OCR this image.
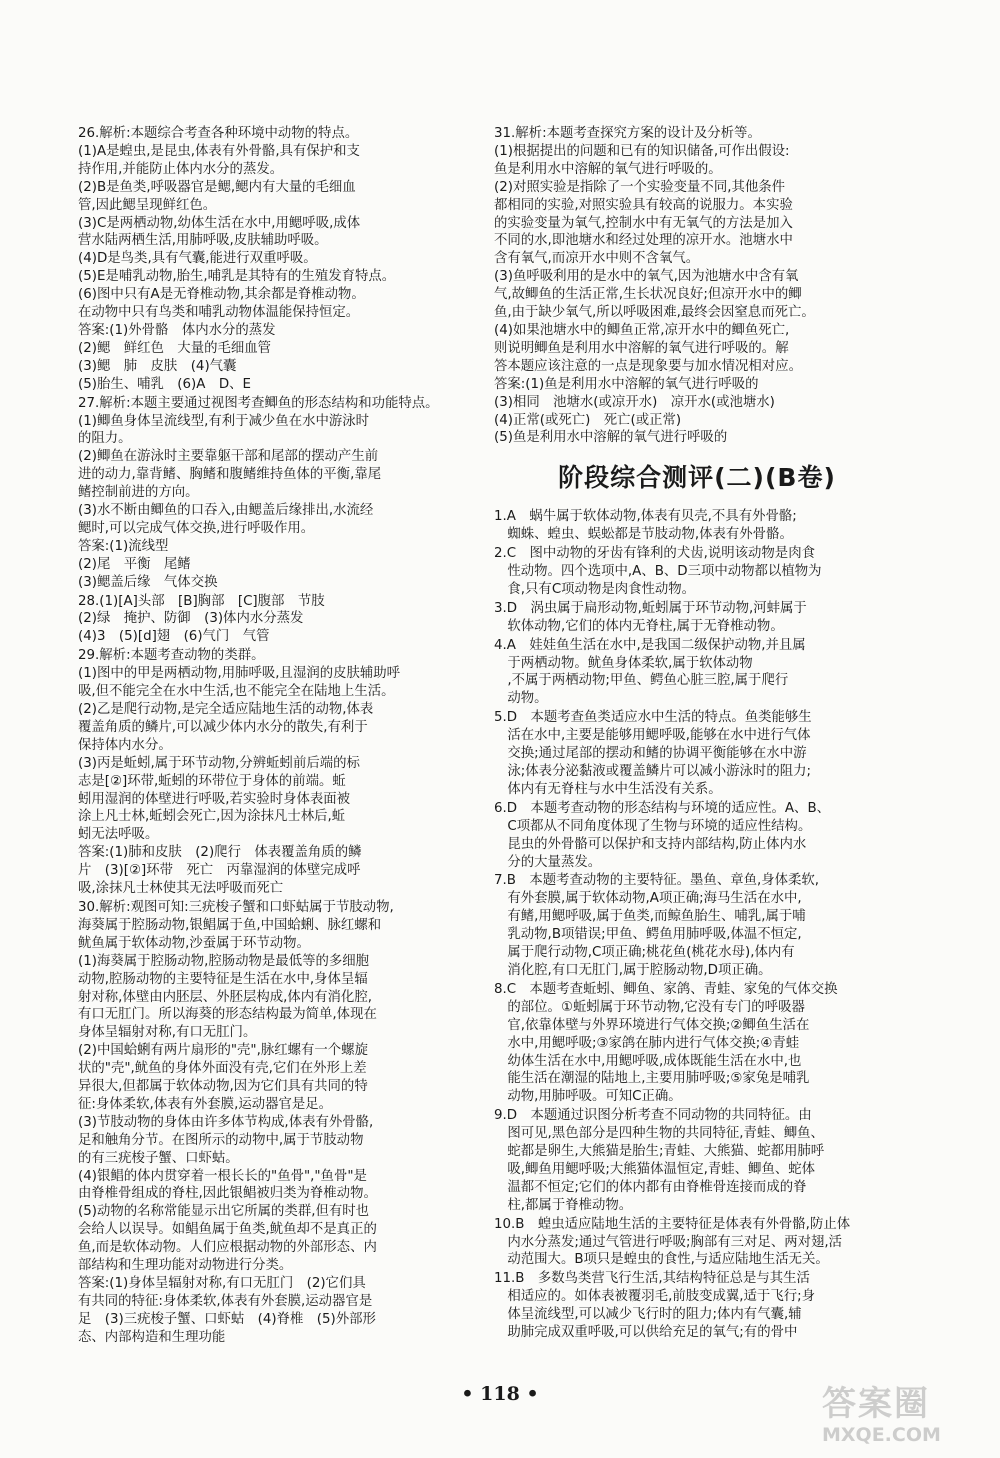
26.解析:本题综合考查各种环境中动物的特点。
(1)A是蝗虫,是昆虫,体表有外骨骼,具有保护和支
持作用,并能防止体内水分的蒸发。
(2)B是鱼类,呼吸器官是鳃,鳃内有大量的毛细血
管,因此鳃呈现鲜红色。
(3)C是两栖动物,幼体生活在水中,用鳃呼吸,成体
营水陆两栖生活,用肺呼吸,皮肤辅助呼吸。
(4)D是鸟类,具有气囊,能进行双重呼吸。
(5)E是哺乳动物,胎生,哺乳是其特有的生殖发育特点。
(6)图中只有A是无脊椎动物,其余都是脊椎动物。
在动物中只有鸟类和哺乳动物体温能保持恒定。
答案:(1)外骨骼　体内水分的蒸发
(2)鳃　鲜红色　大量的毛细血管
(3)鳃　肺　皮肤　(4)气囊
(5)胎生、哺乳　(6)A　D、E
27.解析:本题主要通过视图考查鲫鱼的形态结构和功能特点。
(1)鲫鱼身体呈流线型,有利于减少鱼在水中游泳时
的阻力。
(2)鲫鱼在游泳时主要靠躯干部和尾部的摆动产生前
进的动力,靠背鳍、胸鳍和腹鳍维持鱼体的平衡,靠尾
鳍控制前进的方向。
(3)水不断由鲫鱼的口吞入,由鳃盖后缘排出,水流经
鳃时,可以完成气体交换,进行呼吸作用。
答案:(1)流线型
(2)尾　平衡　尾鳍
(3)鳃盖后缘　气体交换
28.(1)[A]头部　[B]胸部　[C]腹部　节肢
(2)绿　掩护、防御　(3)体内水分蒸发
(4)3　(5)[d]翅　(6)气门　气管
29.解析:本题考查动物的类群。
(1)图中的甲是两栖动物,用肺呼吸,且湿润的皮肤辅助呼
吸,但不能完全在水中生活,也不能完全在陆地上生活。
(2)乙是爬行动物,是完全适应陆地生活的动物,体表
覆盖角质的鳞片,可以减少体内水分的散失,有利于
保持体内水分。
(3)丙是蚯蚓,属于环节动物,分辨蚯蚓前后端的标
志是[②]环带,蚯蚓的环带位于身体的前端。蚯
蚓用湿润的体壁进行呼吸,若实验时身体表面被
涂上凡士林,蚯蚓会死亡,因为涂抹凡士林后,蚯
蚓无法呼吸。
答案:(1)肺和皮肤　(2)爬行　体表覆盖角质的鳞
片　(3)[②]环带　死亡　丙靠湿润的体壁完成呼
吸,涂抹凡士林使其无法呼吸而死亡
30.解析:观图可知:三疣梭子蟹和口虾蛄属于节肢动物,
海葵属于腔肠动物,银鲳属于鱼,中国蛤蜊、脉红螺和
鱿鱼属于软体动物,沙蚕属于环节动物。
(1)海葵属于腔肠动物,腔肠动物是最低等的多细胞
动物,腔肠动物的主要特征是生活在水中,身体呈辐
射对称,体壁由内胚层、外胚层构成,体内有消化腔,
有口无肛门。所以海葵的形态结构最为简单,体现在
身体呈辐射对称,有口无肛门。
(2)中国蛤蜊有两片扇形的"壳",脉红螺有一个螺旋
状的"壳",鱿鱼的身体外面没有壳,它们在外形上差
异很大,但都属于软体动物,因为它们具有共同的特
征:身体柔软,体表有外套膜,运动器官是足。
(3)节肢动物的身体由许多体节构成,体表有外骨骼,
足和触角分节。在图所示的动物中,属于节肢动物
的有三疣梭子蟹、口虾蛄。
(4)银鲳的体内贯穿着一根长长的"鱼骨","鱼骨"是
由脊椎骨组成的脊柱,因此银鲳被归类为脊椎动物。
(5)动物的名称常能显示出它所属的类群,但有时也
会给人以误导。如鲳鱼属于鱼类,鱿鱼却不是真正的
鱼,而是软体动物。人们应根据动物的外部形态、内
部结构和生理功能对动物进行分类。
答案:(1)身体呈辐射对称,有口无肛门　(2)它们具
有共同的特征:身体柔软,体表有外套膜,运动器官是
足　(3)三疣梭子蟹、口虾蛄　(4)脊椎　(5)外部形
态、内部构造和生理功能
31.解析:本题考查探究方案的设计及分析等。
(1)根据提出的问题和已有的知识储备,可作出假设:
鱼是利用水中溶解的氧气进行呼吸的。
(2)对照实验是指除了一个实验变量不同,其他条件
都相同的实验,对照实验具有较高的说服力。本实验
的实验变量为氧气,控制水中有无氧气的方法是加入
不同的水,即池塘水和经过处理的凉开水。池塘水中
含有氧气,而凉开水中则不含氧气。
(3)鱼呼吸利用的是水中的氧气,因为池塘水中含有氧
气,故鲫鱼的生活正常,生长状况良好;但凉开水中的鲫
鱼,由于缺少氧气,所以呼吸困难,最终会因窒息而死亡。
(4)如果池塘水中的鲫鱼正常,凉开水中的鲫鱼死亡,
则说明鲫鱼是利用水中溶解的氧气进行呼吸的。解
答本题应该注意的一点是现象要与加水情况相对应。
答案:(1)鱼是利用水中溶解的氧气进行呼吸的
(3)相同　池塘水(或凉开水)　凉开水(或池塘水)
(4)正常(或死亡)　死亡(或正常)
(5)鱼是利用水中溶解的氧气进行呼吸的
阶段综合测评(二)(B卷)
1.A　蜗牛属于软体动物,体表有贝壳,不具有外骨骼;
　蜘蛛、蝗虫、蜈蚣都是节肢动物,体表有外骨骼。
2.C　图中动物的牙齿有锋利的犬齿,说明该动物是肉食
　性动物。四个选项中,A、B、D三项中动物都以植物为
　食,只有C项动物是肉食性动物。
3.D　涡虫属于扁形动物,蚯蚓属于环节动物,河蚌属于
　软体动物,它们的体内无脊柱,属于无脊椎动物。
4.A　娃娃鱼生活在水中,是我国二级保护动物,并且属
　于两栖动物。鱿鱼身体柔软,属于软体动物
　,不属于两栖动物;甲鱼、鳄鱼心脏三腔,属于爬行
　动物。
5.D　本题考查鱼类适应水中生活的特点。鱼类能够生
　活在水中,主要是能够用鳃呼吸,能够在水中进行气体
　交换;通过尾部的摆动和鳍的协调平衡能够在水中游
　泳;体表分泌黏液或覆盖鳞片可以减小游泳时的阻力;
　体内有无脊柱与水中生活没有关系。
6.D　本题考查动物的形态结构与环境的适应性。A、B、
　C项都从不同角度体现了生物与环境的适应性结构。
　昆虫的外骨骼可以保护和支持内部结构,防止体内水
　分的大量蒸发。
7.B　本题考查动物的主要特征。墨鱼、章鱼,身体柔软,
　有外套膜,属于软体动物,A项正确;海马生活在水中,
　有鳍,用鳃呼吸,属于鱼类,而鲸鱼胎生、哺乳,属于哺
　乳动物,B项错误;甲鱼、鳄鱼用肺呼吸,体温不恒定,
　属于爬行动物,C项正确;桃花鱼(桃花水母),体内有
　消化腔,有口无肛门,属于腔肠动物,D项正确。
8.C　本题考查蚯蚓、鲫鱼、家鸽、青蛙、家兔的气体交换
　的部位。①蚯蚓属于环节动物,它没有专门的呼吸器
　官,依靠体壁与外界环境进行气体交换;②鲫鱼生活在
　水中,用鳃呼吸;③家鸽在肺内进行气体交换;④青蛙
　幼体生活在水中,用鳃呼吸,成体既能生活在水中,也
　能生活在潮湿的陆地上,主要用肺呼吸;⑤家兔是哺乳
　动物,用肺呼吸。可知C正确。
9.D　本题通过识图分析考查不同动物的共同特征。由
　图可见,黑色部分是四种生物的共同特征,青蛙、鲫鱼、
　蛇都是卵生,大熊猫是胎生;青蛙、大熊猫、蛇都用肺呼
　吸,鲫鱼用鳃呼吸;大熊猫体温恒定,青蛙、鲫鱼、蛇体
　温都不恒定;它们的体内都有由脊椎骨连接而成的脊
　柱,都属于脊椎动物。
10.B　蝗虫适应陆地生活的主要特征是体表有外骨骼,防止体
　内水分蒸发;通过气管进行呼吸;胸部有三对足、两对翅,活
　动范围大。B项只是蝗虫的食性,与适应陆地生活无关。
11.B　多数鸟类营飞行生活,其结构特征总是与其生活
　相适应的。如体表被覆羽毛,前肢变成翼,适于飞行;身
　体呈流线型,可以减少飞行时的阻力;体内有气囊,辅
　助肺完成双重呼吸,可以供给充足的氧气;有的骨中
• 118 •	答案圈
MXQE.COM
